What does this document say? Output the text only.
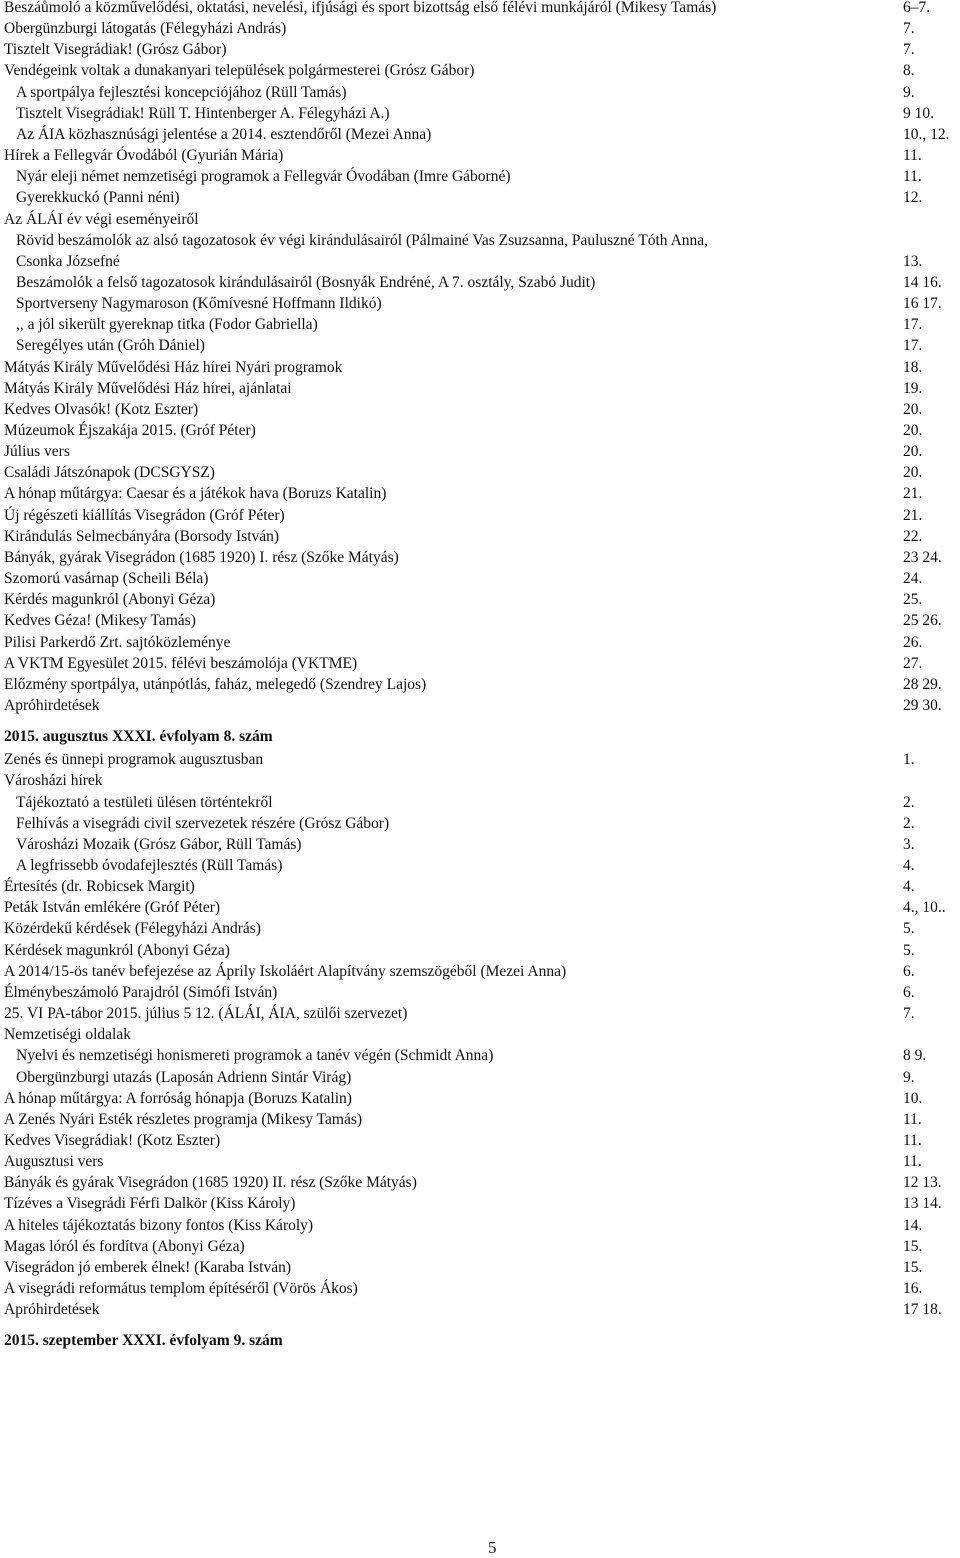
Beszáůmoló a közművelődési, oktatási, nevelési, ifjúsági és sport bizottság első félévi munkájáról (Mikesy Tamás)	6–7.
Obergünzburgi látogatás (Félegyházi András)	7.
Tisztelt Visegrádiak! (Grósz Gábor)	7.
Vendégeink voltak a dunakanyari települések polgármesterei (Grósz Gábor)	8.
A sportpálya fejlesztési koncepciójához (Rüll Tamás)	9.
Tisztelt Visegrádiak! Rüll T. Hintenberger A. Félegyházi A.)	9 10.
Az ÁIA közhasznúsági jelentése a 2014. esztendőről (Mezei Anna)	10., 12.
Hírek a Fellegvár Óvodából (Gyurián Mária)	11.
Nyár eleji német nemzetiségi programok a Fellegvár Óvodában (Imre Gáborné)	11.
Gyerekkuckó (Panni néni)	12.
Az ÁLÁI év végi eseményeiről
Rövid beszámolók az alsó tagozatosok év végi kirándulásairól (Pálmainé Vas Zsuzsanna, Pauluszné Tóth Anna,
Csonka Józsefné	13.
Beszámolók a felső tagozatosok kirándulásairól (Bosnyák Endréné, A 7. osztály, Szabó Judit)	14 16.
Sportverseny Nagymaroson (Kőmívesné Hoffmann Ildikó)	16 17.
,, a jól sikerült gyereknap titka (Fodor Gabriella)	17.
Seregélyes után (Gróh Dániel)	17.
Mátyás Király Művelődési Ház hírei Nyári programok	18.
Mátyás Király Művelődési Ház hírei, ajánlatai	19.
Kedves Olvasók! (Kotz Eszter)	20.
Múzeumok Éjszakája 2015. (Gróf Péter)	20.
Július vers	20.
Családi Játszónapok (DCSGYSZ)	20.
A hónap műtárgya: Caesar és a játékok hava (Boruzs Katalin)	21.
Új régészeti kiállítás Visegrádon (Gróf Péter)	21.
Kirándulás Selmecbányára (Borsody István)	22.
Bányák, gyárak Visegrádon (1685 1920) I. rész (Szőke Mátyás)	23 24.
Szomorú vasárnap (Scheili Béla)	24.
Kérdés magunkról (Abonyi Géza)	25.
Kedves Géza! (Mikesy Tamás)	25 26.
Pilisi Parkerdő Zrt. sajtóközleménye	26.
A VKTM Egyesület 2015. félévi beszámolója (VKTME)	27.
Előzmény sportpálya, utánpótlás, faház, melegedő (Szendrey Lajos)	28 29.
Apróhirdetések	29 30.
2015. augusztus XXXI. évfolyam 8. szám
Zenés és ünnepi programok augusztusban	1.
Városházi hírek
Tájékoztató a testületi ülésen történtekről	2.
Felhívás a visegrádi civil szervezetek részére (Grósz Gábor)	2.
Városházi Mozaik (Grósz Gábor, Rüll Tamás)	3.
A legfrissebb óvodafejlesztés (Rüll Tamás)	4.
Értesítés (dr. Robicsek Margit)	4.
Peták István emlékére (Gróf Péter)	4., 10..
Közérdekű kérdések (Félegyházi András)	5.
Kérdések magunkról (Abonyi Géza)	5.
A 2014/15-ös tanév befejezése az Áprily Iskoláért Alapítvány szemszögéből (Mezei Anna)	6.
Élménybeszámoló Parajdról (Simófi István)	6.
25. VI PA-tábor 2015. július 5 12. (ÁLÁI, ÁIA, szülői szervezet)	7.
Nemzetiségi oldalak
Nyelvi és nemzetiségi honismereti programok a tanév végén (Schmidt Anna)	8 9.
Obergünzburgi utazás (Laposán Adrienn Sintár Virág)	9.
A hónap műtárgya: A forróság hónapja (Boruzs Katalin)	10.
A Zenés Nyári Esték részletes programja (Mikesy Tamás)	11.
Kedves Visegrádiak! (Kotz Eszter)	11.
Augusztusi vers	11.
Bányák és gyárak Visegrádon (1685 1920) II. rész (Szőke Mátyás)	12 13.
Tízéves a Visegrádi Férfi Dalkör (Kiss Károly)	13 14.
A hiteles tájékoztatás bizony fontos (Kiss Károly)	14.
Magas lóról és fordítva (Abonyi Géza)	15.
Visegrádon jó emberek élnek! (Karaba István)	15.
A visegrádi református templom építéséről (Vörös Ákos)	16.
Apróhirdetések	17 18.
2015. szeptember XXXI. évfolyam 9. szám
5
